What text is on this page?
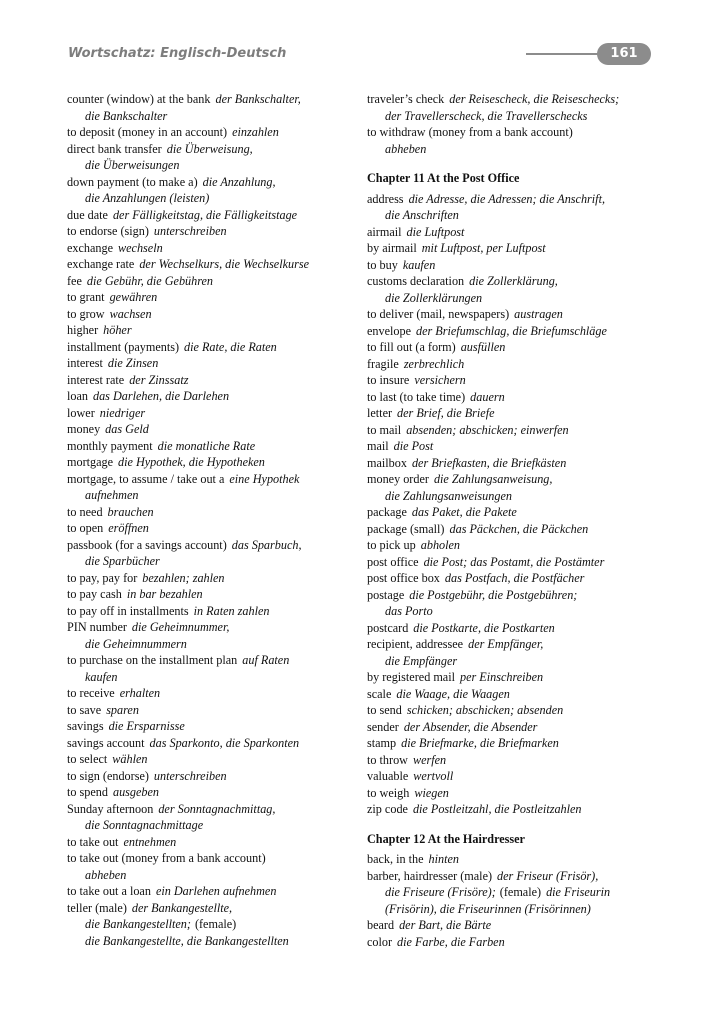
Wortschatz: Englisch-Deutsch	161
counter (window) at the bank der Bankschalter,
die Bankschalter
to deposit (money in an account) einzahlen
direct bank transfer die Überweisung,
die Überweisungen
down payment (to make a) die Anzahlung,
die Anzahlungen (leisten)
due date der Fälligkeitstag, die Fälligkeitstage
to endorse (sign) unterschreiben
exchange wechseln
exchange rate der Wechselkurs, die Wechselkurse
fee die Gebühr, die Gebühren
to grant gewähren
to grow wachsen
higher höher
installment (payments) die Rate, die Raten
interest die Zinsen
interest rate der Zinssatz
loan das Darlehen, die Darlehen
lower niedriger
money das Geld
monthly payment die monatliche Rate
mortgage die Hypothek, die Hypotheken
mortgage, to assume / take out a eine Hypothek
aufnehmen
to need brauchen
to open eröffnen
passbook (for a savings account) das Sparbuch,
die Sparbücher
to pay, pay for bezahlen; zahlen
to pay cash in bar bezahlen
to pay off in installments in Raten zahlen
PIN number die Geheimnummer,
die Geheimnummern
to purchase on the installment plan auf Raten
kaufen
to receive erhalten
to save sparen
savings die Ersparnisse
savings account das Sparkonto, die Sparkonten
to select wählen
to sign (endorse) unterschreiben
to spend ausgeben
Sunday afternoon der Sonntagnachmittag,
die Sonntagnachmittage
to take out entnehmen
to take out (money from a bank account)
abheben
to take out a loan ein Darlehen aufnehmen
teller (male) der Bankangestellte,
die Bankangestellten; (female)
die Bankangestellte, die Bankangestellten
traveler’s check der Reisescheck, die Reiseschecks;
der Travellerscheck, die Travellerschecks
to withdraw (money from a bank account)
abheben
Chapter 11 At the Post Office
address die Adresse, die Adressen; die Anschrift,
die Anschriften
airmail die Luftpost
by airmail mit Luftpost, per Luftpost
to buy kaufen
customs declaration die Zollerklärung,
die Zollerklärungen
to deliver (mail, newspapers) austragen
envelope der Briefumschlag, die Briefumschläge
to fill out (a form) ausfüllen
fragile zerbrechlich
to insure versichern
to last (to take time) dauern
letter der Brief, die Briefe
to mail absenden; abschicken; einwerfen
mail die Post
mailbox der Briefkasten, die Briefkästen
money order die Zahlungsanweisung,
die Zahlungsanweisungen
package das Paket, die Pakete
package (small) das Päckchen, die Päckchen
to pick up abholen
post office die Post; das Postamt, die Postämter
post office box das Postfach, die Postfächer
postage die Postgebühr, die Postgebühren;
das Porto
postcard die Postkarte, die Postkarten
recipient, addressee der Empfänger,
die Empfänger
by registered mail per Einschreiben
scale die Waage, die Waagen
to send schicken; abschicken; absenden
sender der Absender, die Absender
stamp die Briefmarke, die Briefmarken
to throw werfen
valuable wertvoll
to weigh wiegen
zip code die Postleitzahl, die Postleitzahlen
Chapter 12 At the Hairdresser
back, in the hinten
barber, hairdresser (male) der Friseur (Frisör),
die Friseure (Frisöre); (female) die Friseurin
(Frisörin), die Friseurinnen (Frisörinnen)
beard der Bart, die Bärte
color die Farbe, die Farben
